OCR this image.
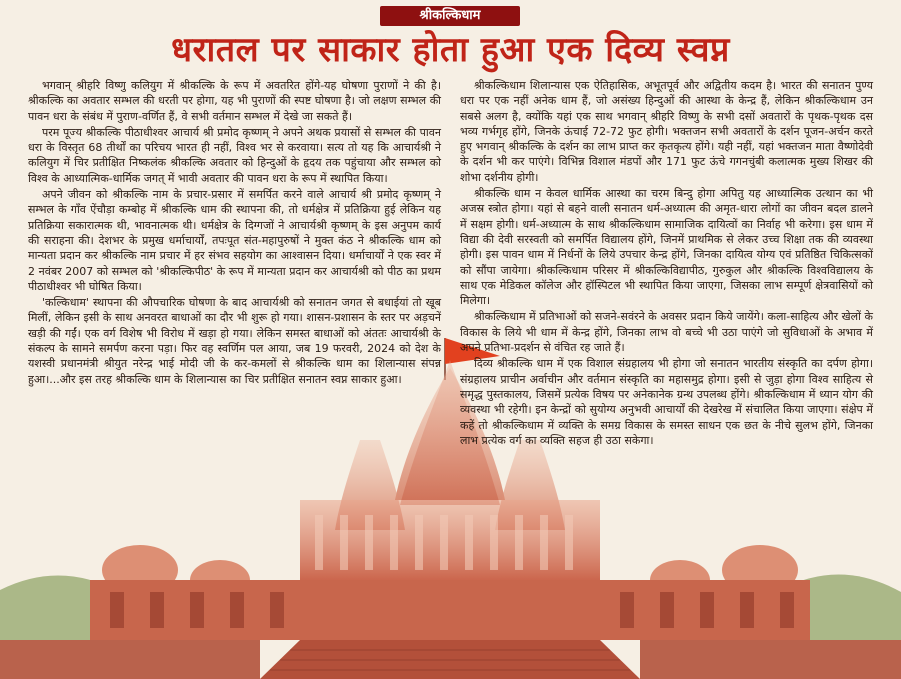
श्रीकल्किधाम
धरातल पर साकार होता हुआ एक दिव्य स्वप्न

भगवान् श्रीहरि विष्णु कलियुग में श्रीकल्कि के रूप में अवतरित होंगे-यह घोषणा पुराणों ने की है। श्रीकल्कि का अवतार सम्भल की धरती पर होगा, यह भी पुराणों की स्पष्ट घोषणा है। जो लक्षण सम्भल की पावन धरा के संबंध में पुराण-वर्णित हैं, वे सभी वर्तमान सम्भल में देखे जा सकते हैं।

परम पूज्य श्रीकल्कि पीठाधीश्वर आचार्य श्री प्रमोद कृष्णम् ने अपने अथक प्रयासों से सम्भल की पावन धरा के विस्तृत 68 तीर्थों का परिचय भारत ही नहीं, विश्व भर से करवाया। सत्य तो यह कि आचार्यश्री ने कलियुग में चिर प्रतीक्षित निष्कलंक श्रीकल्कि अवतार को हिन्दुओं के हृदय तक पहुंचाया और सम्भल को विश्व के आध्यात्मिक-धार्मिक जगत् में भावी अवतार की पावन धरा के रूप में स्थापित किया।

अपने जीवन को श्रीकल्कि नाम के प्रचार-प्रसार में समर्पित करने वाले आचार्य श्री प्रमोद कृष्णम् ने सम्भल के गाँव ऐंचौड़ा कम्बोह में श्रीकल्कि धाम की स्थापना की, तो धर्मक्षेत्र में प्रतिक्रिया हुई लेकिन यह प्रतिक्रिया सकारात्मक थी, भावनात्मक थी। धर्मक्षेत्र के दिग्गजों ने आचार्यश्री कृष्णम् के इस अनुपम कार्य की सराहना की। देशभर के प्रमुख धर्माचार्यों, तपःपूत संत-महापुरुषों ने मुक्त कंठ ने श्रीकल्कि धाम को मान्यता प्रदान कर श्रीकल्कि नाम प्रचार में हर संभव सहयोग का आश्वासन दिया। धर्माचार्यों ने एक स्वर में 2 नवंबर 2007 को सम्भल को 'श्रीकल्किपीठ' के रूप में मान्यता प्रदान कर आचार्यश्री को पीठ का प्रथम पीठाधीश्वर भी घोषित किया।

'कल्किधाम' स्थापना की औपचारिक घोषणा के बाद आचार्यश्री को सनातन जगत से बधाईयां तो खूब मिलीं, लेकिन इसी के साथ अनवरत बाधाओं का दौर भी शुरू हो गया। शासन-प्रशासन के स्तर पर अड़चनें खड़ी की गईं। एक वर्ग विशेष भी विरोध में खड़ा हो गया। लेकिन समस्त बाधाओं को अंततः आचार्यश्री के संकल्प के सामने समर्पण करना पड़ा। फिर वह स्वर्णिम पल आया, जब 19 फरवरी, 2024 को देश के यशस्वी प्रधानमंत्री श्रीयुत नरेन्द्र भाई मोदी जी के कर-कमलों से श्रीकल्कि धाम का शिलान्यास संपन्न हुआ।...और इस तरह श्रीकल्कि धाम के शिलान्यास का चिर प्रतीक्षित सनातन स्वप्न साकार हुआ।

श्रीकल्किधाम शिलान्यास एक ऐतिहासिक, अभूतपूर्व और अद्वितीय कदम है। भारत की सनातन पुण्य धरा पर एक नहीं अनेक धाम हैं, जो असंख्य हिन्दुओं की आस्था के केन्द्र हैं, लेकिन श्रीकल्किधाम उन सबसे अलग है, क्योंकि यहां एक साथ भगवान् श्रीहरि विष्णु के सभी दसों अवतारों के पृथक-पृथक दस भव्य गर्भगृह होंगे, जिनके ऊंचाई 72-72 फुट होगी। भक्तजन सभी अवतारों के दर्शन पूजन-अर्चन करते हुए भगवान् श्रीकल्कि के दर्शन का लाभ प्राप्त कर कृतकृत्य होंगे। यही नहीं, यहां भक्तजन माता वैष्णोदेवी के दर्शन भी कर पाएंगे। विभिन्न विशाल मंडपों और 171 फुट ऊंचे गगनचुंबी कलात्मक मुख्य शिखर की शोभा दर्शनीय होगी।

श्रीकल्कि धाम न केवल धार्मिक आस्था का चरम बिन्दु होगा अपितु यह आध्यात्मिक उत्थान का भी अजस्र स्त्रोत होगा। यहां से बहने वाली सनातन धर्म-अध्यात्म की अमृत-धारा लोगों का जीवन बदल डालने में सक्षम होगी। धर्म-अध्यात्म के साथ श्रीकल्किधाम सामाजिक दायित्वों का निर्वाह भी करेगा। इस धाम में विद्या की देवी सरस्वती को समर्पित विद्यालय होंगे, जिनमें प्राथमिक से लेकर उच्च शिक्षा तक की व्यवस्था होगी। इस पावन धाम में निर्धनों के लिये उपचार केन्द्र होंगे, जिनका दायित्व योग्य एवं प्रतिष्ठित चिकित्सकों को सौंपा जायेगा। श्रीकल्किधाम परिसर में श्रीकल्किविद्यापीठ, गुरुकुल और श्रीकल्कि विश्वविद्यालय के साथ एक मेडिकल कॉलेज और हॉस्पिटल भी स्थापित किया जाएगा, जिसका लाभ सम्पूर्ण क्षेत्रवासियों को मिलेगा।

श्रीकल्किधाम में प्रतिभाओं को सजने-सवंरने के अवसर प्रदान किये जायेंगे। कला-साहित्य और खेलों के विकास के लिये भी धाम में केन्द्र होंगे, जिनका लाभ वो बच्चे भी उठा पाएंगे जो सुविधाओं के अभाव में अपने प्रतिभा-प्रदर्शन से वंचित रह जाते हैं।

दिव्य श्रीकल्कि धाम में एक विशाल संग्रहालय भी होगा जो सनातन भारतीय संस्कृति का दर्पण होगा। संग्रहालय प्राचीन अर्वाचीन और वर्तमान संस्कृति का महासमुद्र होगा। इसी से जुड़ा होगा विश्व साहित्य से समृद्ध पुस्तकालय, जिसमें प्रत्येक विषय पर अनेकानेक ग्रन्थ उपलब्ध होंगे। श्रीकल्किधाम में ध्यान योग की व्यवस्था भी रहेगी। इन केन्द्रों को सुयोग्य अनुभवी आचार्यों की देखरेख में संचालित किया जाएगा। संक्षेप में कहें तो श्रीकल्किधाम में व्यक्ति के समग्र विकास के समस्त साधन एक छत के नीचे सुलभ होंगे, जिनका लाभ प्रत्येक वर्ग का व्यक्ति सहज ही उठा सकेगा।
